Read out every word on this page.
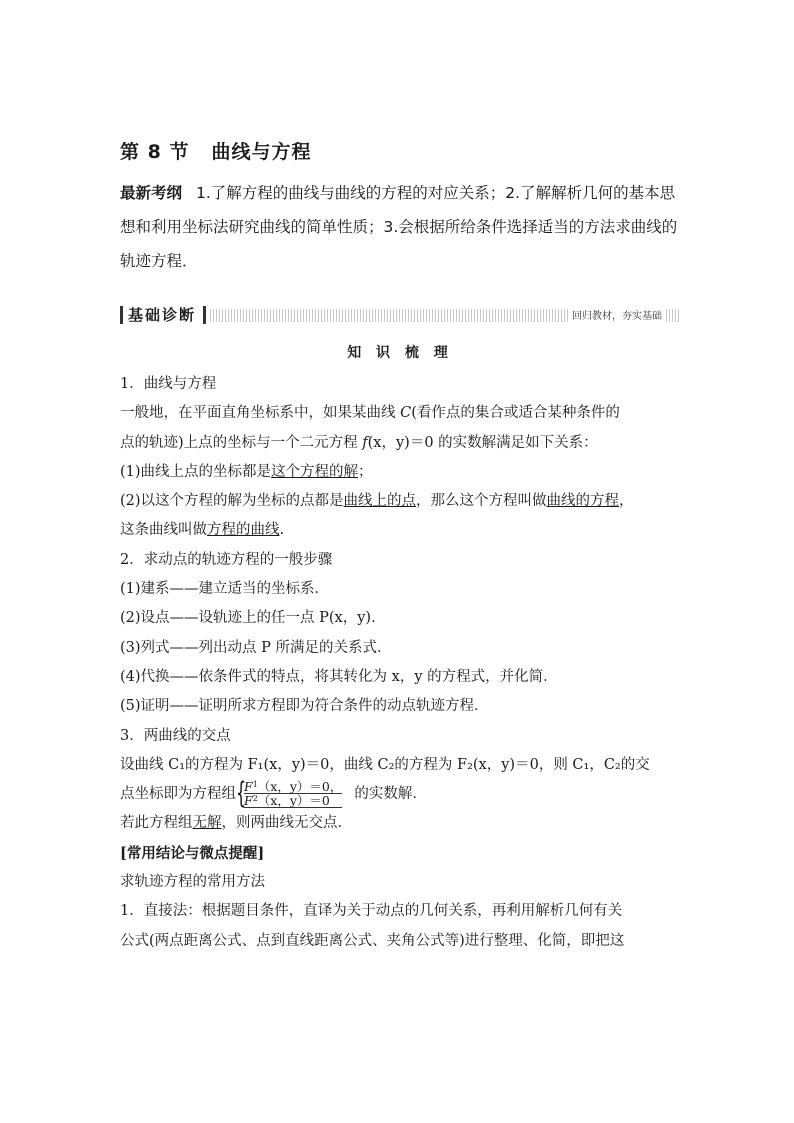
第 8 节 曲线与方程
最新考纲 1.了解方程的曲线与曲线的方程的对应关系；2.了解解析几何的基本思想和利用坐标法研究曲线的简单性质；3.会根据所给条件选择适当的方法求曲线的轨迹方程．
基础诊断	回归教材，夯实基础
知 识 梳 理

1．曲线与方程

一般地，在平面直角坐标系中，如果某曲线 C(看作点的集合或适合某种条件的

点的轨迹)上点的坐标与一个二元方程 f(x，y)＝0 的实数解满足如下关系：

(1)曲线上点的坐标都是这个方程的解；

(2)以这个方程的解为坐标的点都是曲线上的点，那么这个方程叫做曲线的方程，

这条曲线叫做方程的曲线.

2．求动点的轨迹方程的一般步骤

(1)建系——建立适当的坐标系．

(2)设点——设轨迹上的任一点 P(x，y)．

(3)列式——列出动点 P 所满足的关系式．

(4)代换——依条件式的特点，将其转化为 x，y 的方程式，并化简．

(5)证明——证明所求方程即为符合条件的动点轨迹方程．

3．两曲线的交点

设曲线 C₁的方程为 F₁(x，y)＝0，曲线 C₂的方程为 F₂(x，y)＝0，则 C₁，C₂的交

点坐标即为方程组 {
$F^1(x$，y）＝0，
$F^2(x$，y）＝0	的实数解．

若此方程组无解，则两曲线无交点．

[常用结论与微点提醒]

求轨迹方程的常用方法

1．直接法：根据题目条件，直译为关于动点的几何关系，再利用解析几何有关

公式(两点距离公式、点到直线距离公式、夹角公式等)进行整理、化简，即把这
